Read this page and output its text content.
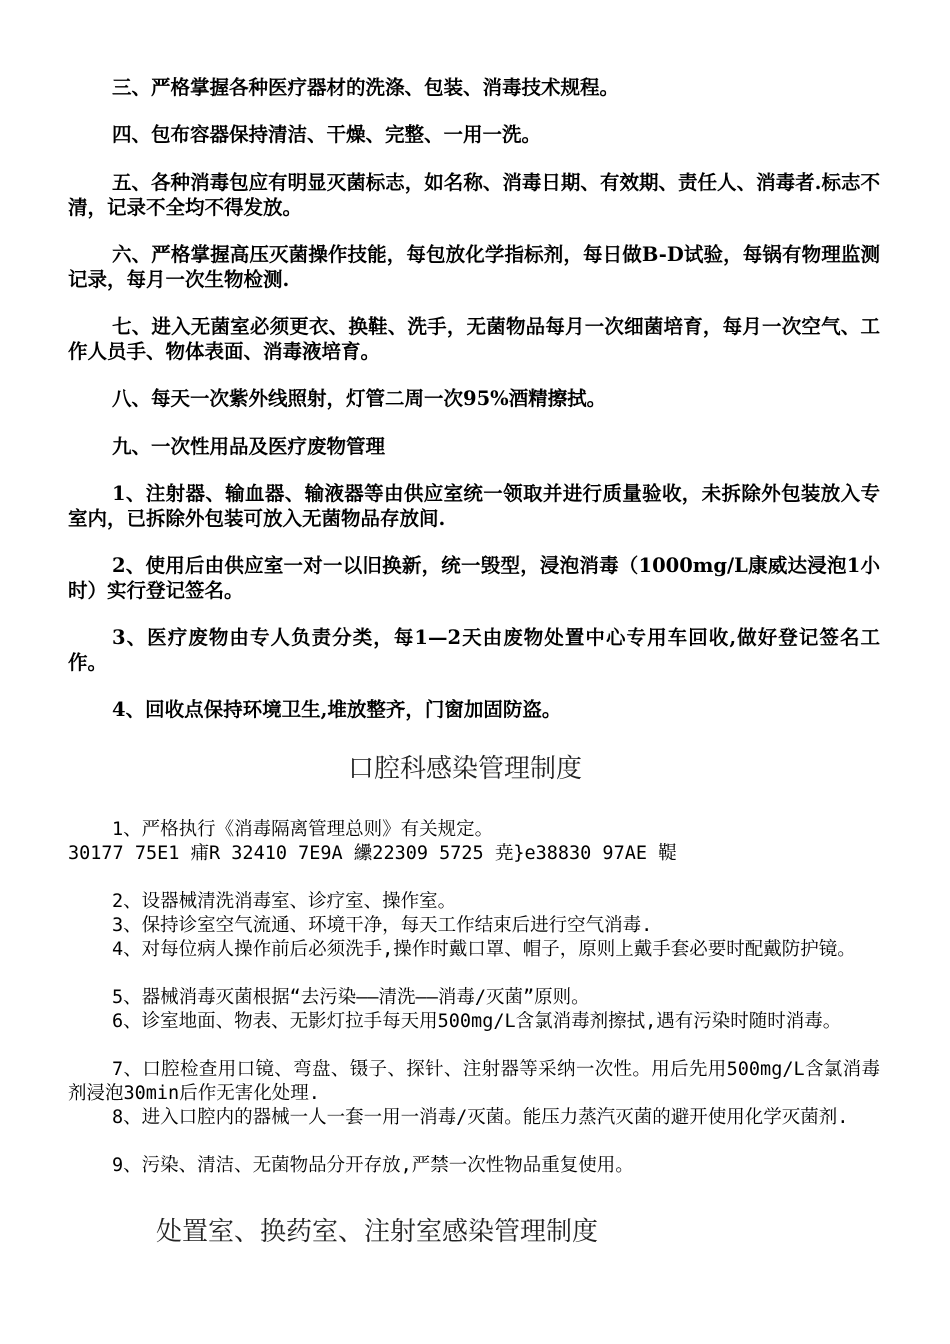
三、严格掌握各种医疗器材的洗涤、包装、消毒技术规程。

四、包布容器保持清洁、干燥、完整、一用一洗。

五、各种消毒包应有明显灭菌标志，如名称、消毒日期、有效期、责任人、消毒者.标志不清，记录不全均不得发放。

六、严格掌握高压灭菌操作技能，每包放化学指标剂，每日做B-D试验，每锅有物理监测记录，每月一次生物检测.

七、进入无菌室必须更衣、换鞋、洗手，无菌物品每月一次细菌培育，每月一次空气、工作人员手、物体表面、消毒液培育。

八、每天一次紫外线照射，灯管二周一次95%酒精擦拭。

九、一次性用品及医疗废物管理

1、注射器、输血器、输液器等由供应室统一领取并进行质量验收，未拆除外包装放入专室内，已拆除外包装可放入无菌物品存放间.

2、使用后由供应室一对一以旧换新，统一毁型，浸泡消毒（1000mg/L康威达浸泡1小时）实行登记签名。

3、医疗废物由专人负责分类，每1—2天由废物处置中心专用车回收,做好登记签名工作。

4、回收点保持环境卫生,堆放整齐，门窗加固防盗。

口腔科感染管理制度

1、严格执行《消毒隔离管理总则》有关规定。

30177 75E1 痡R 32410 7E9A 纝22309 5725 尭}e38830 97AE 鞮

2、设器械清洗消毒室、诊疗室、操作室。

3、保持诊室空气流通、环境干净，每天工作结束后进行空气消毒.

4、对每位病人操作前后必须洗手,操作时戴口罩、帽子，原则上戴手套必要时配戴防护镜。

5、器械消毒灭菌根据“去污染——清洗——消毒/灭菌”原则。

6、诊室地面、物表、无影灯拉手每天用500mg/L含氯消毒剂擦拭,遇有污染时随时消毒。

7、口腔检查用口镜、弯盘、镊子、探针、注射器等采纳一次性。用后先用500mg/L含氯消毒剂浸泡30min后作无害化处理.

8、进入口腔内的器械一人一套一用一消毒/灭菌。能压力蒸汽灭菌的避开使用化学灭菌剂.

9、污染、清洁、无菌物品分开存放,严禁一次性物品重复使用。

处置室、换药室、注射室感染管理制度
